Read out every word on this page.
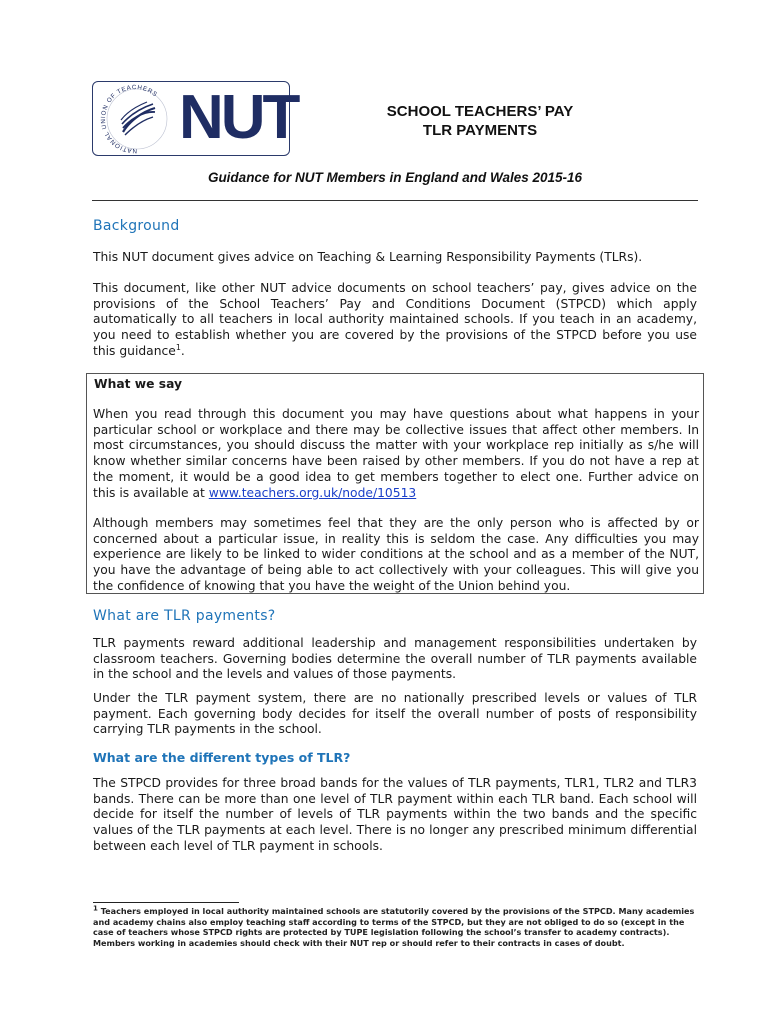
NATIONAL UNION OF TEACHERS NUT	SCHOOL TEACHERS’ PAY
TLR PAYMENTS
Guidance for NUT Members in England and Wales 2015-16
Background

This NUT document gives advice on Teaching & Learning Responsibility Payments (TLRs).

This document, like other NUT advice documents on school teachers’ pay, gives advice on the provisions of the School Teachers’ Pay and Conditions Document (STPCD) which apply automatically to all teachers in local authority maintained schools. If you teach in an academy, you need to establish whether you are covered by the provisions of the STPCD before you use this guidance$^1$.

What we say

When you read through this document you may have questions about what happens in your particular school or workplace and there may be collective issues that affect other members. In most circumstances, you should discuss the matter with your workplace rep initially as s/he will know whether similar concerns have been raised by other members. If you do not have a rep at the moment, it would be a good idea to get members together to elect one. Further advice on this is available at www.teachers.org.uk/node/10513

Although members may sometimes feel that they are the only person who is affected by or concerned about a particular issue, in reality this is seldom the case. Any difficulties you may experience are likely to be linked to wider conditions at the school and as a member of the NUT, you have the advantage of being able to act collectively with your colleagues. This will give you the confidence of knowing that you have the weight of the Union behind you.

What are TLR payments?

TLR payments reward additional leadership and management responsibilities undertaken by classroom teachers. Governing bodies determine the overall number of TLR payments available in the school and the levels and values of those payments.

Under the TLR payment system, there are no nationally prescribed levels or values of TLR payment. Each governing body decides for itself the overall number of posts of responsibility carrying TLR payments in the school.

What are the different types of TLR?

The STPCD provides for three broad bands for the values of TLR payments, TLR1, TLR2 and TLR3 bands. There can be more than one level of TLR payment within each TLR band. Each school will decide for itself the number of levels of TLR payments within the two bands and the specific values of the TLR payments at each level. There is no longer any prescribed minimum differential between each level of TLR payment in schools.

1 Teachers employed in local authority maintained schools are statutorily covered by the provisions of the STPCD. Many academies and academy chains also employ teaching staff according to terms of the STPCD, but they are not obliged to do so (except in the case of teachers whose STPCD rights are protected by TUPE legislation following the school’s transfer to academy contracts). Members working in academies should check with their NUT rep or should refer to their contracts in cases of doubt.
